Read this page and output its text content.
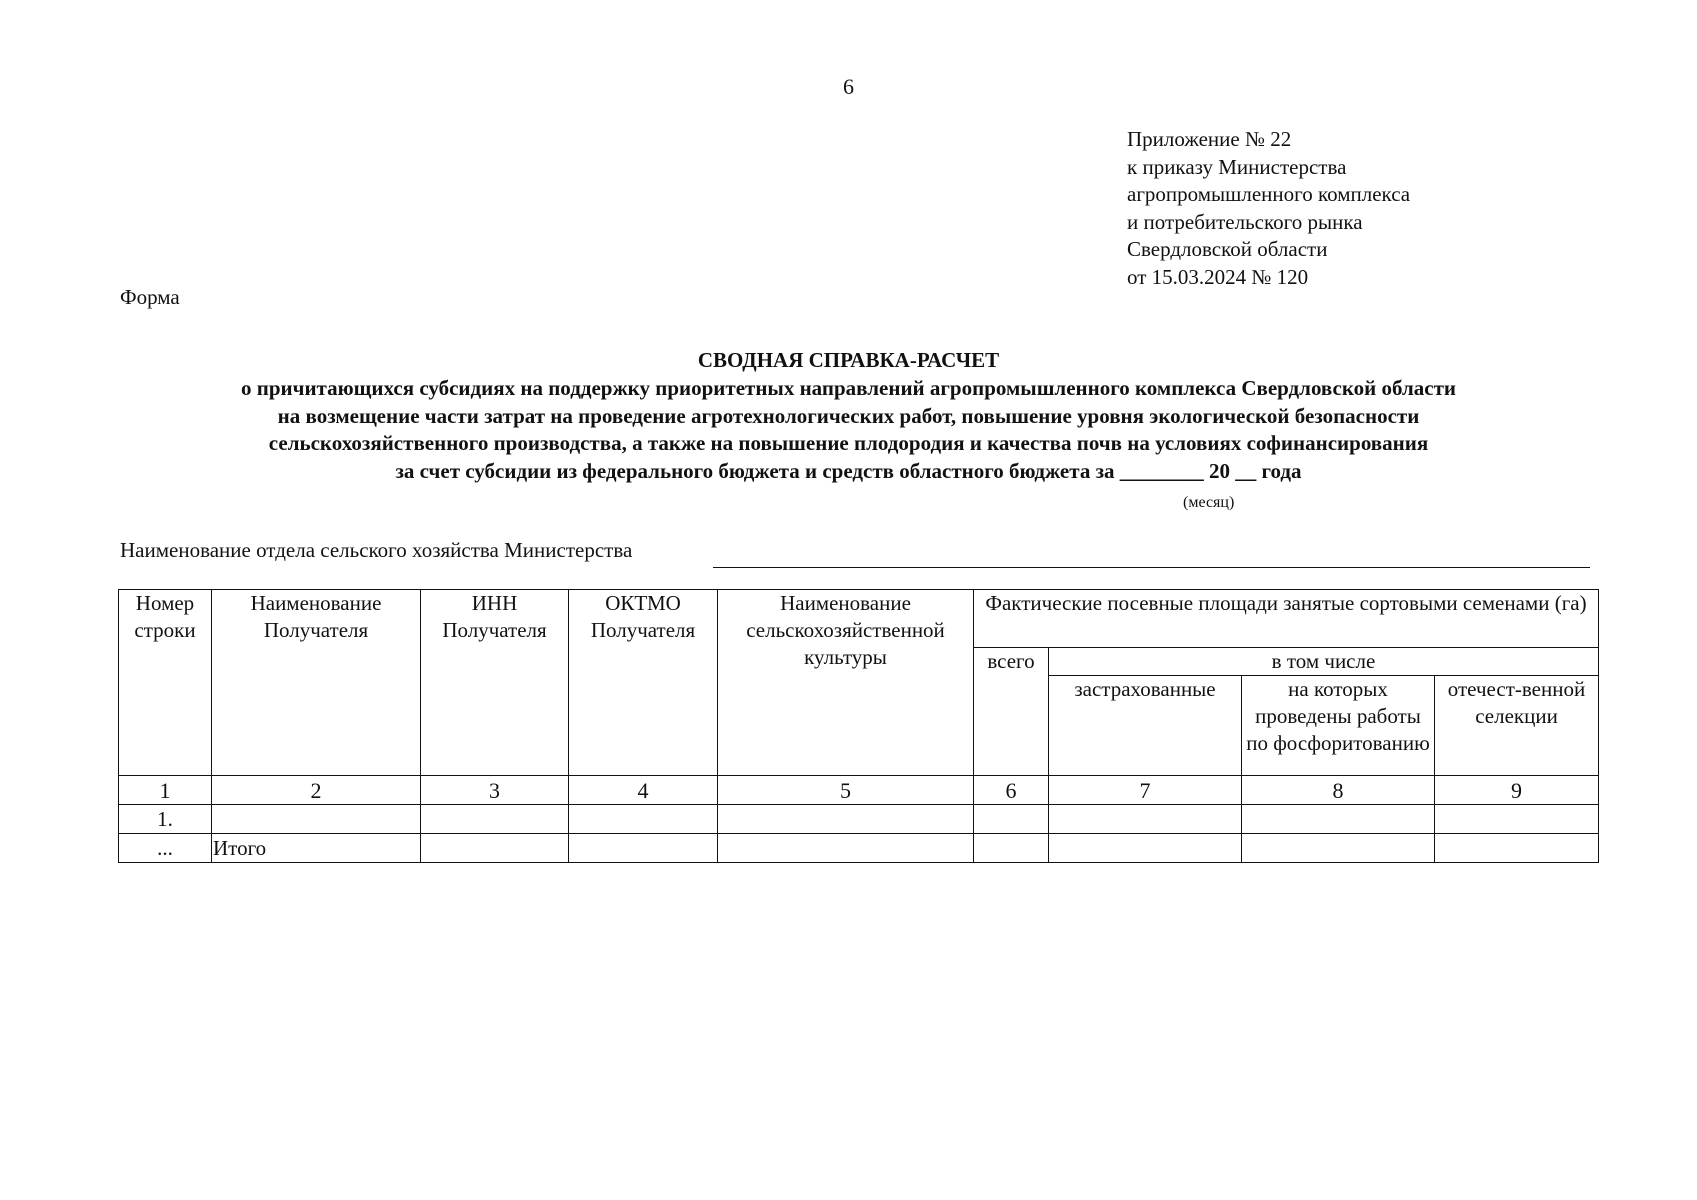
6
Приложение № 22
к приказу Министерства
агропромышленного комплекса
и потребительского рынка
Свердловской области
от 15.03.2024 № 120
Форма
СВОДНАЯ СПРАВКА-РАСЧЕТ
о причитающихся субсидиях на поддержку приоритетных направлений агропромышленного комплекса Свердловской области
на возмещение части затрат на проведение агротехнологических работ, повышение уровня экологической безопасности
сельскохозяйственного производства, а также на повышение плодородия и качества почв на условиях софинансирования
за счет субсидии из федерального бюджета и средств областного бюджета за ________ 20 __ года
(месяц)
Наименование отдела сельского хозяйства Министерства
Номер строки	Наименование Получателя	ИНН Получателя	ОКТМО Получателя	Наименование сельскохозяйственной культуры	Фактические посевные площади занятые сортовыми семенами (га)			
					всего	в том числе		
						застрахованные	на которых проведены работы по фосфоритованию	отечест-венной селекции
1	2	3	4	5	6	7	8	9
1.								
...	Итого							
